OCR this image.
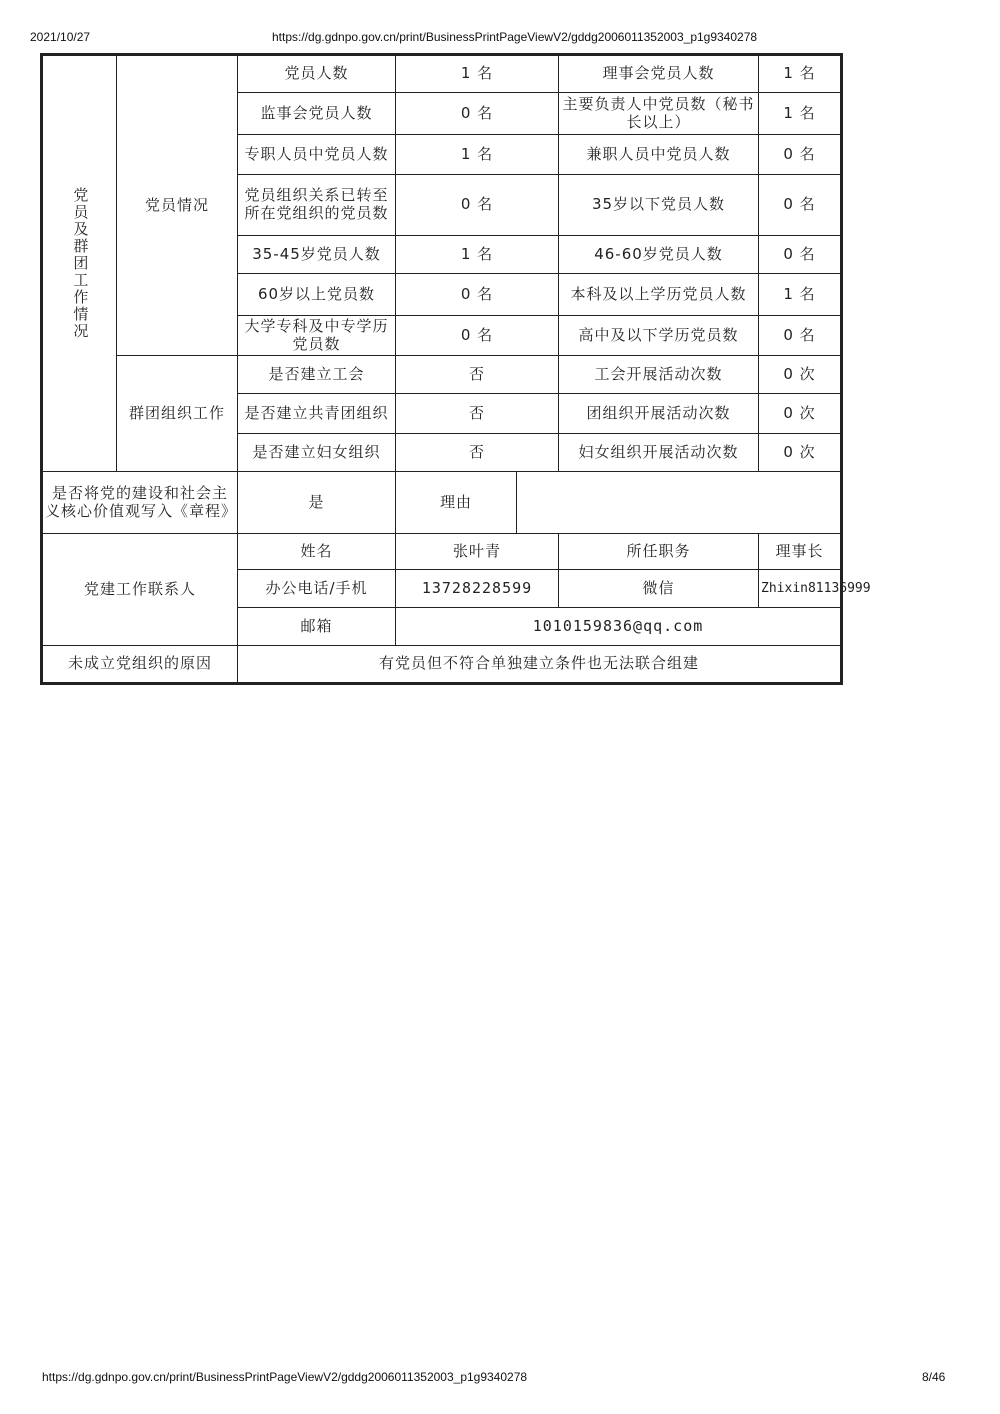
2021/10/27	https://dg.gdnpo.gov.cn/print/BusinessPrintPageViewV2/gddg2006011352003_p1g9340278
党员及群团工作情况	党员情况	党员人数	1 名		理事会党员人数	1 名
		监事会党员人数	0 名		主要负责人中党员数（秘书长以上）	1 名
		专职人员中党员人数	1 名		兼职人员中党员人数	0 名
		党员组织关系已转至所在党组织的党员数	0 名		35岁以下党员人数	0 名
		35-45岁党员人数	1 名		46-60岁党员人数	0 名
		60岁以上党员数	0 名		本科及以上学历党员人数	1 名
		大学专科及中专学历党员数	0 名		高中及以下学历党员数	0 名
	群团组织工作	是否建立工会	否		工会开展活动次数	0 次
		是否建立共青团组织	否		团组织开展活动次数	0 次
		是否建立妇女组织	否		妇女组织开展活动次数	0 次
是否将党的建设和社会主义核心价值观写入《章程》		是	理由			
党建工作联系人		姓名	张叶青		所任职务	理事长
		办公电话/手机	13728228599		微信	Zhixin81136999
		邮箱	1010159836@qq.com			
未成立党组织的原因		有党员但不符合单独建立条件也无法联合组建				
https://dg.gdnpo.gov.cn/print/BusinessPrintPageViewV2/gddg2006011352003_p1g9340278	8/46
